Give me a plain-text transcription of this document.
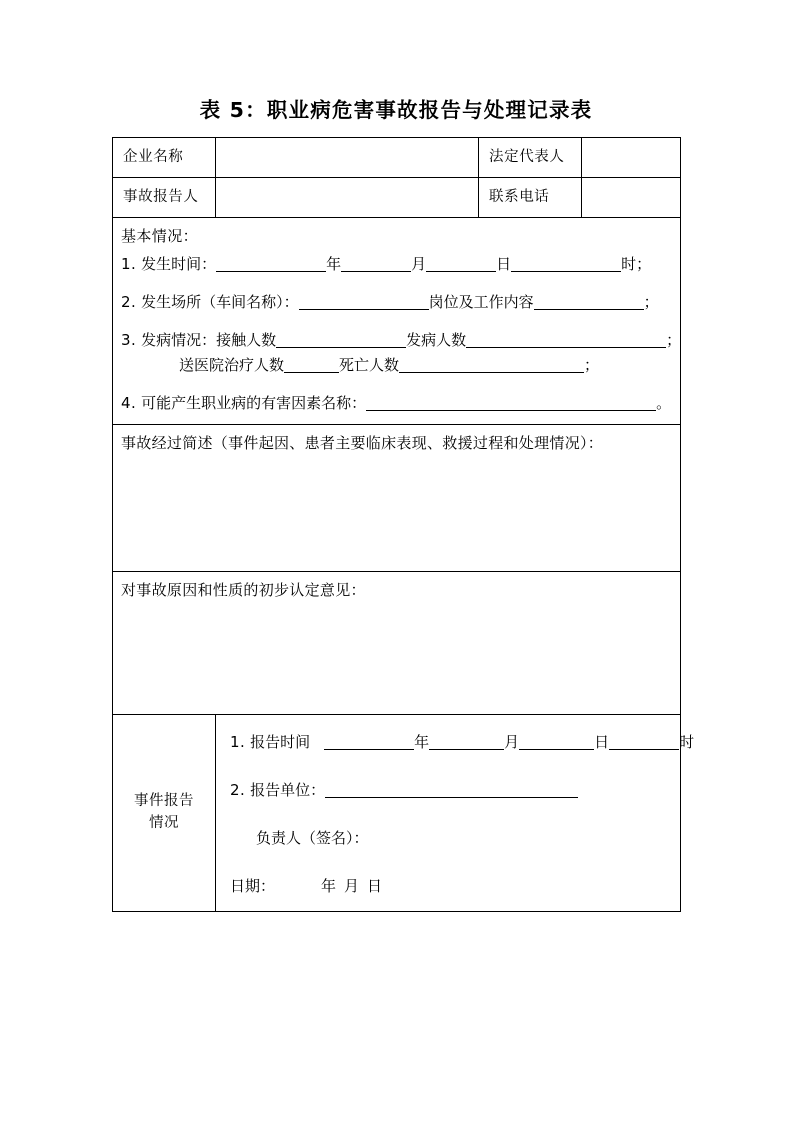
表 5：职业病危害事故报告与处理记录表
企业名称		法定代表人	
事故报告人		联系电话	

基本情况：
1. 发生时间：	年	月	日	时；
2. 发生场所（车间名称）：	岗位及工作内容	；
3. 发病情况：接触人数	发病人数	；
送医院治疗人数	死亡人数	；
4. 可能产生职业病的有害因素名称：	。

事故经过简述（事件起因、患者主要临床表现、救援过程和处理情况）：			

对事故原因和性质的初步认定意见：			

事件报告
情况

1. 报告时间	年	月	日	时
2. 报告单位：
负责人（签名）：
日期：	年 月 日
